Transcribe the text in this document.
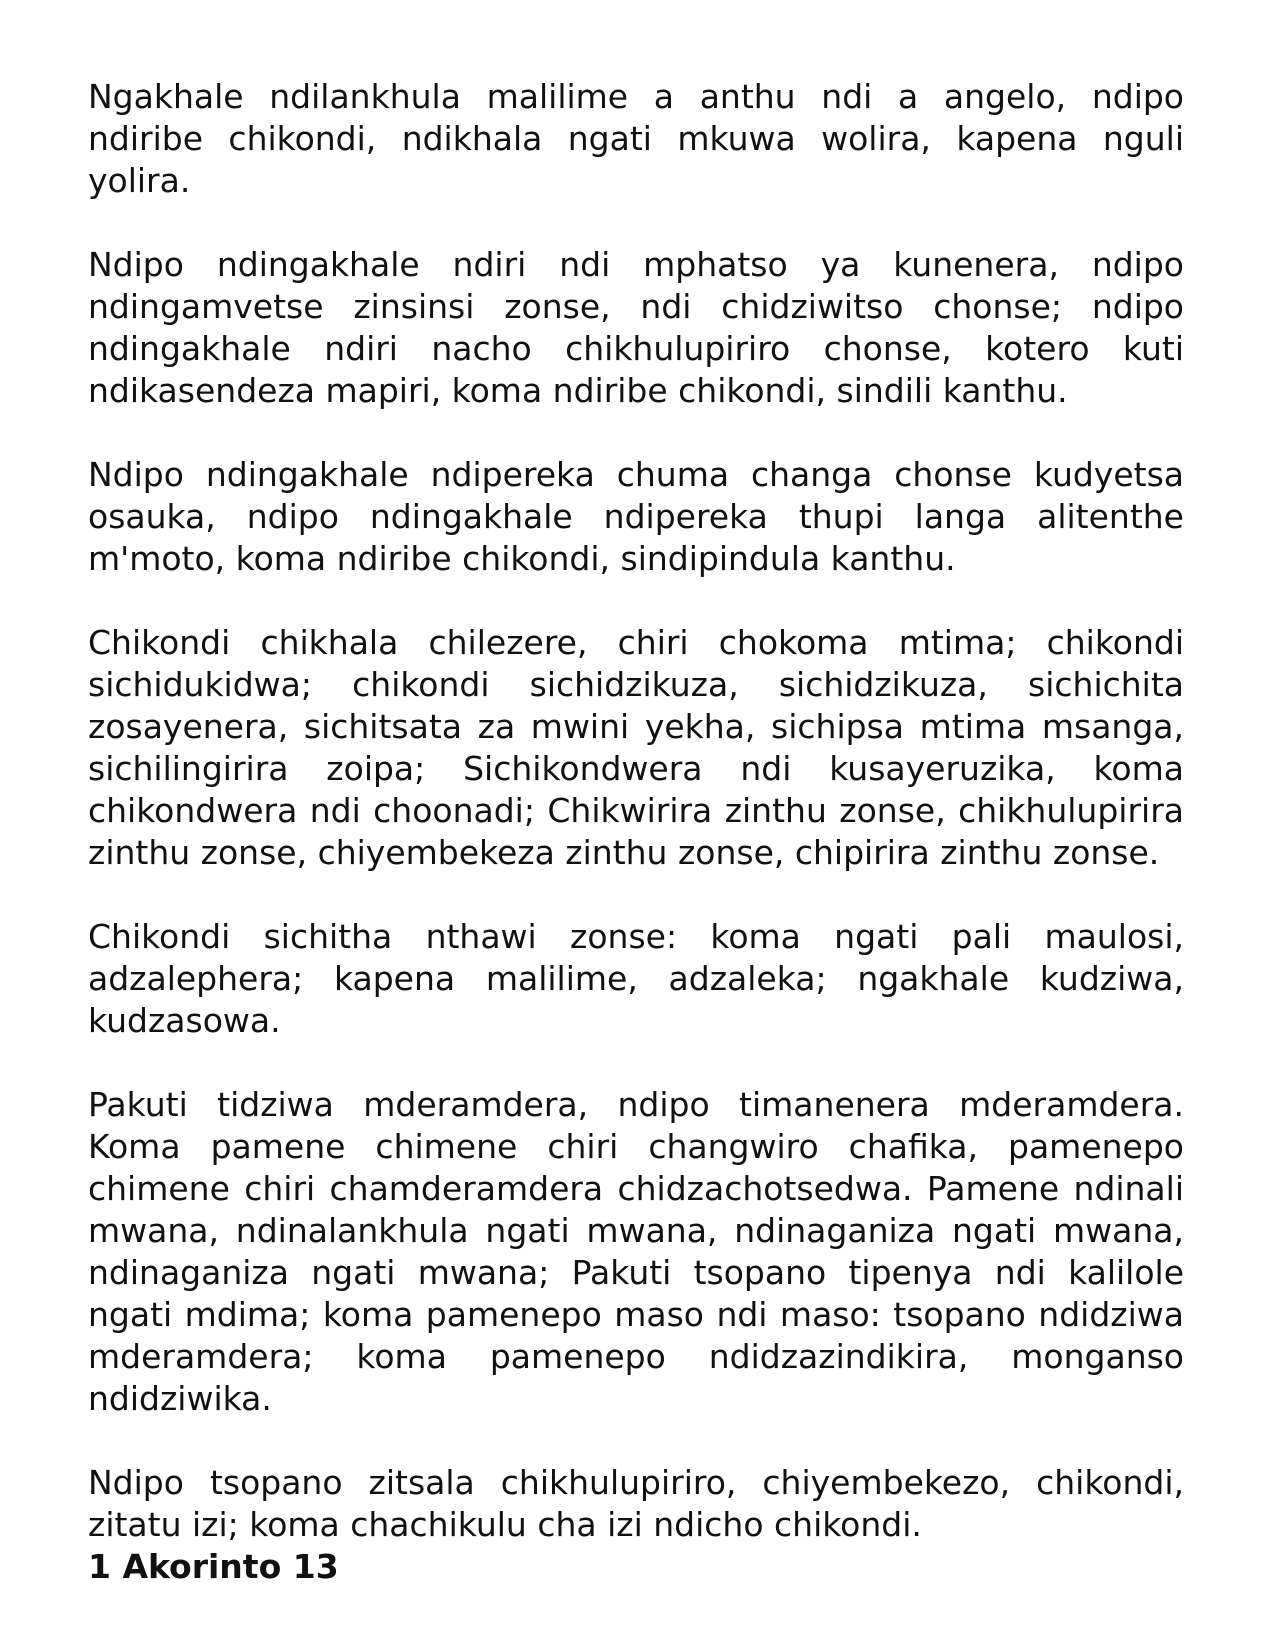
Ngakhale ndilankhula malilime a anthu ndi a angelo, ndipo ndiribe chikondi, ndikhala ngati mkuwa wolira, kapena nguli yolira.

Ndipo ndingakhale ndiri ndi mphatso ya kunenera, ndipo ndingamvetse zinsinsi zonse, ndi chidziwitso chonse; ndipo ndingakhale ndiri nacho chikhulupiriro chonse, kotero kuti ndikasendeza mapiri, koma ndiribe chikondi, sindili kanthu.

Ndipo ndingakhale ndipereka chuma changa chonse kudyetsa osauka, ndipo ndingakhale ndipereka thupi langa alitenthe m'moto, koma ndiribe chikondi, sindipindula kanthu.

Chikondi chikhala chilezere, chiri chokoma mtima; chikondi sichidukidwa; chikondi sichidzikuza, sichidzikuza, sichichita zosayenera, sichitsata za mwini yekha, sichipsa mtima msanga, sichilingirira zoipa; Sichikondwera ndi kusayeruzika, koma chikondwera ndi choonadi; Chikwirira zinthu zonse, chikhulupirira zinthu zonse, chiyembekeza zinthu zonse, chipirira zinthu zonse.

Chikondi sichitha nthawi zonse: koma ngati pali maulosi, adzalephera; kapena malilime, adzaleka; ngakhale kudziwa, kudzasowa.

Pakuti tidziwa mderamdera, ndipo timanenera mderamdera. Koma pamene chimene chiri changwiro chafika, pamenepo chimene chiri chamderamdera chidzachotsedwa. Pamene ndinali mwana, ndinalankhula ngati mwana, ndinaganiza ngati mwana, ndinaganiza ngati mwana; Pakuti tsopano tipenya ndi kalilole ngati mdima; koma pamenepo maso ndi maso: tsopano ndidziwa mderamdera; koma pamenepo ndidzazindikira, monganso ndidziwika.

Ndipo tsopano zitsala chikhulupiriro, chiyembekezo, chikondi, zitatu izi; koma chachikulu cha izi ndicho chikondi.

1 Akorinto 13
